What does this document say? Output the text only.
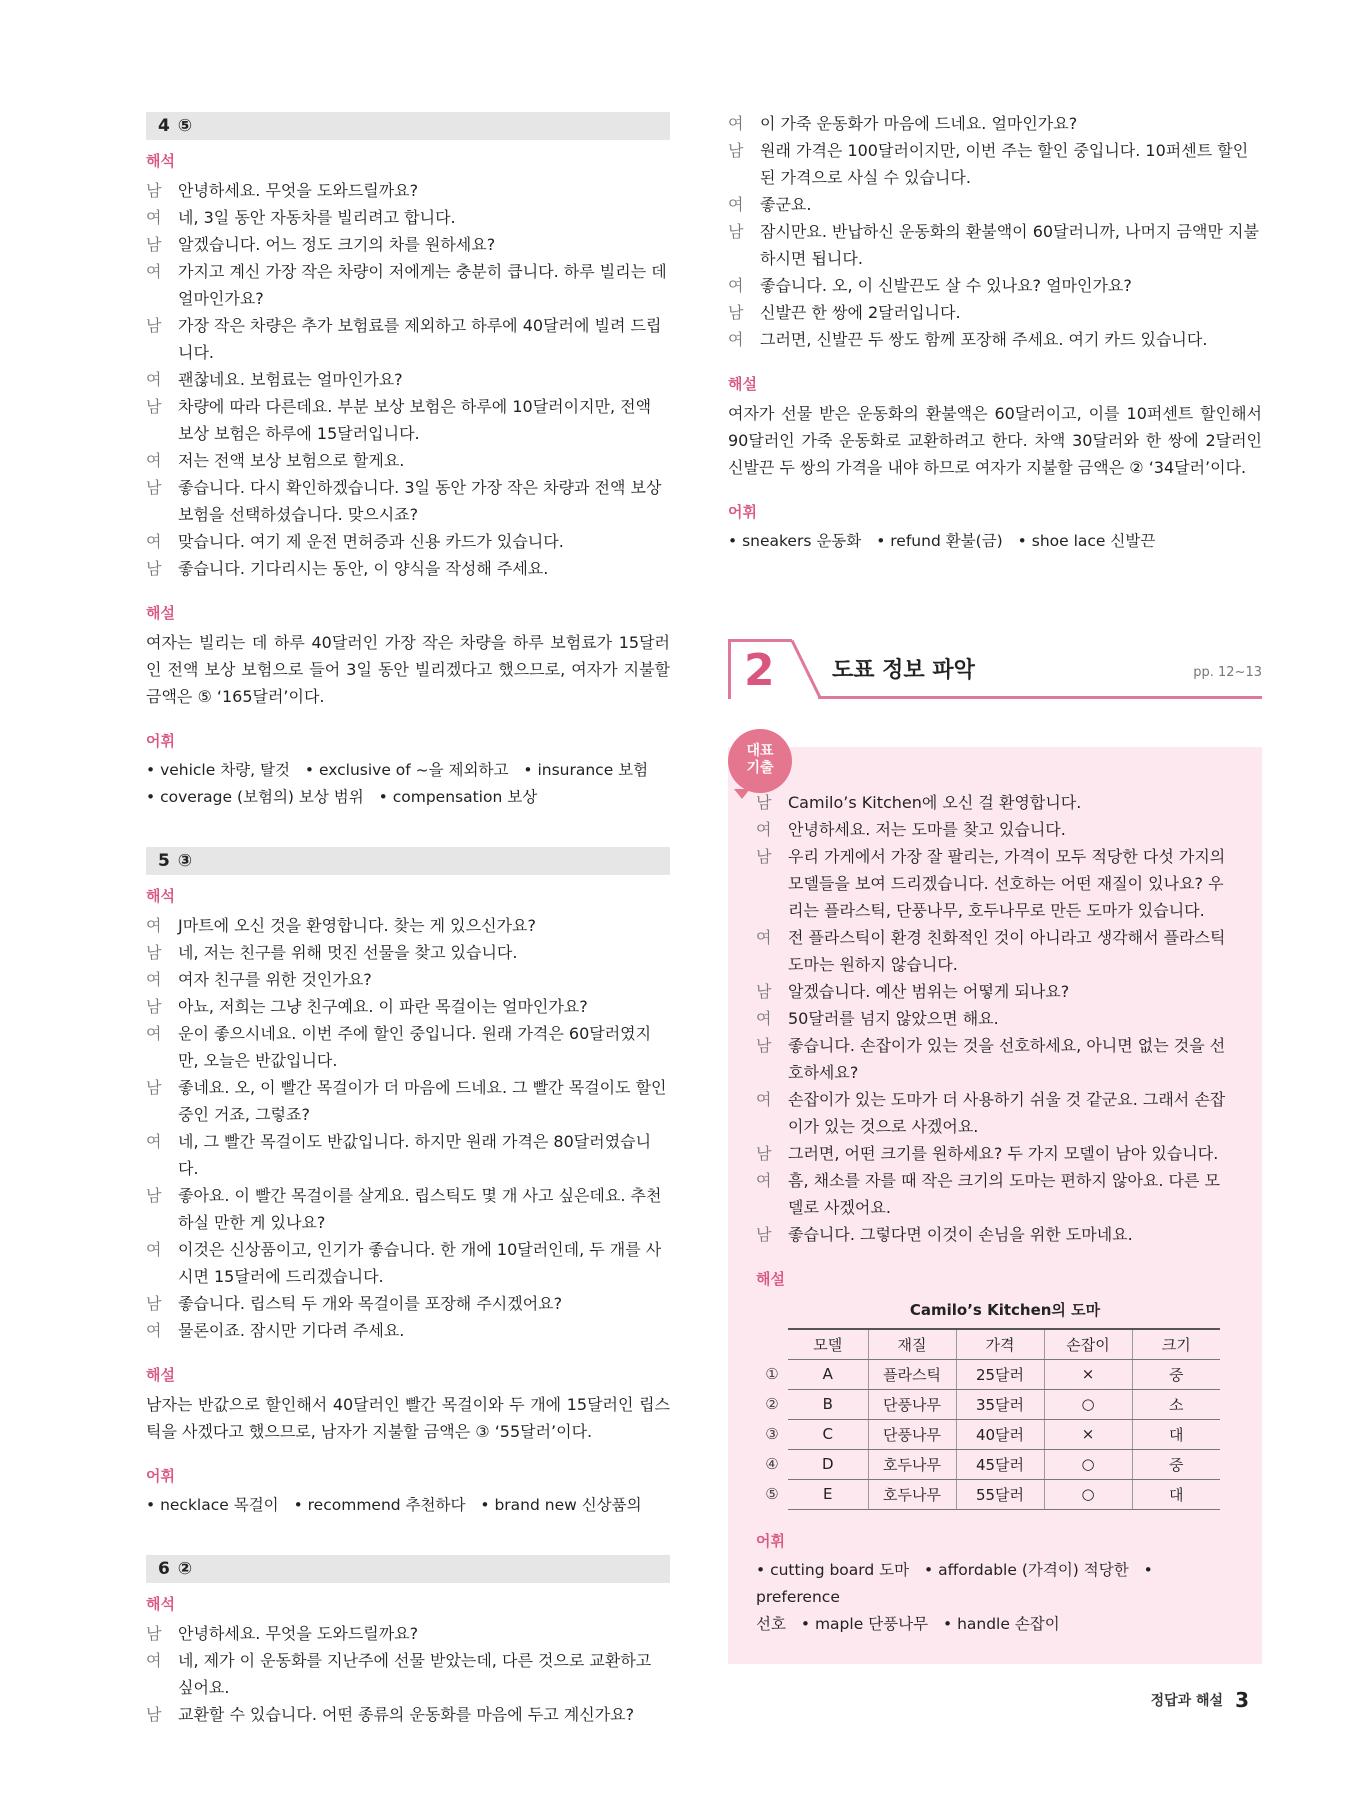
4 ⑤
해석
남 안녕하세요. 무엇을 도와드릴까요?
여 네, 3일 동안 자동차를 빌리려고 합니다.
남 알겠습니다. 어느 정도 크기의 차를 원하세요?
여 가지고 계신 가장 작은 차량이 저에게는 충분히 큽니다. 하루 빌리는 데 얼마인가요?
남 가장 작은 차량은 추가 보험료를 제외하고 하루에 40달러에 빌려 드립니다.
여 괜찮네요. 보험료는 얼마인가요?
남 차량에 따라 다른데요. 부분 보상 보험은 하루에 10달러이지만, 전액 보상 보험은 하루에 15달러입니다.
여 저는 전액 보상 보험으로 할게요.
남 좋습니다. 다시 확인하겠습니다. 3일 동안 가장 작은 차량과 전액 보상 보험을 선택하셨습니다. 맞으시죠?
여 맞습니다. 여기 제 운전 면허증과 신용 카드가 있습니다.
남 좋습니다. 기다리시는 동안, 이 양식을 작성해 주세요.
해설
여자는 빌리는 데 하루 40달러인 가장 작은 차량을 하루 보험료가 15달러인 전액 보상 보험으로 들어 3일 동안 빌리겠다고 했으므로, 여자가 지불할 금액은 ⑤ ‘165달러’이다.
어휘
• vehicle 차량, 탈것 • exclusive of ~을 제외하고 • insurance 보험
• coverage (보험의) 보상 범위 • compensation 보상
5 ③
해석
여 J마트에 오신 것을 환영합니다. 찾는 게 있으신가요?
남 네, 저는 친구를 위해 멋진 선물을 찾고 있습니다.
여 여자 친구를 위한 것인가요?
남 아뇨, 저희는 그냥 친구예요. 이 파란 목걸이는 얼마인가요?
여 운이 좋으시네요. 이번 주에 할인 중입니다. 원래 가격은 60달러였지만, 오늘은 반값입니다.
남 좋네요. 오, 이 빨간 목걸이가 더 마음에 드네요. 그 빨간 목걸이도 할인 중인 거죠, 그렇죠?
여 네, 그 빨간 목걸이도 반값입니다. 하지만 원래 가격은 80달러였습니다.
남 좋아요. 이 빨간 목걸이를 살게요. 립스틱도 몇 개 사고 싶은데요. 추천하실 만한 게 있나요?
여 이것은 신상품이고, 인기가 좋습니다. 한 개에 10달러인데, 두 개를 사시면 15달러에 드리겠습니다.
남 좋습니다. 립스틱 두 개와 목걸이를 포장해 주시겠어요?
여 물론이죠. 잠시만 기다려 주세요.
해설
남자는 반값으로 할인해서 40달러인 빨간 목걸이와 두 개에 15달러인 립스틱을 사겠다고 했으므로, 남자가 지불할 금액은 ③ ‘55달러’이다.
어휘
• necklace 목걸이 • recommend 추천하다 • brand new 신상품의
6 ②
해석
남 안녕하세요. 무엇을 도와드릴까요?
여 네, 제가 이 운동화를 지난주에 선물 받았는데, 다른 것으로 교환하고 싶어요.
남 교환할 수 있습니다. 어떤 종류의 운동화를 마음에 두고 계신가요?
여 이 가죽 운동화가 마음에 드네요. 얼마인가요?
남 원래 가격은 100달러이지만, 이번 주는 할인 중입니다. 10퍼센트 할인된 가격으로 사실 수 있습니다.
여 좋군요.
남 잠시만요. 반납하신 운동화의 환불액이 60달러니까, 나머지 금액만 지불하시면 됩니다.
여 좋습니다. 오, 이 신발끈도 살 수 있나요? 얼마인가요?
남 신발끈 한 쌍에 2달러입니다.
여 그러면, 신발끈 두 쌍도 함께 포장해 주세요. 여기 카드 있습니다.
해설
여자가 선물 받은 운동화의 환불액은 60달러이고, 이를 10퍼센트 할인해서 90달러인 가죽 운동화로 교환하려고 한다. 차액 30달러와 한 쌍에 2달러인 신발끈 두 쌍의 가격을 내야 하므로 여자가 지불할 금액은 ② ‘34달러’이다.
어휘
• sneakers 운동화 • refund 환불(금) • shoe lace 신발끈
2	도표 정보 파악	pp. 12~13
대표
기출
남 Camilo’s Kitchen에 오신 걸 환영합니다.
여 안녕하세요. 저는 도마를 찾고 있습니다.
남 우리 가게에서 가장 잘 팔리는, 가격이 모두 적당한 다섯 가지의 모델들을 보여 드리겠습니다. 선호하는 어떤 재질이 있나요? 우리는 플라스틱, 단풍나무, 호두나무로 만든 도마가 있습니다.
여 전 플라스틱이 환경 친화적인 것이 아니라고 생각해서 플라스틱 도마는 원하지 않습니다.
남 알겠습니다. 예산 범위는 어떻게 되나요?
여 50달러를 넘지 않았으면 해요.
남 좋습니다. 손잡이가 있는 것을 선호하세요, 아니면 없는 것을 선호하세요?
여 손잡이가 있는 도마가 더 사용하기 쉬울 것 같군요. 그래서 손잡이가 있는 것으로 사겠어요.
남 그러면, 어떤 크기를 원하세요? 두 가지 모델이 남아 있습니다.
여 흠, 채소를 자를 때 작은 크기의 도마는 편하지 않아요. 다른 모델로 사겠어요.
남 좋습니다. 그렇다면 이것이 손님을 위한 도마네요.
해설
Camilo’s Kitchen의 도마
	모델	재질	가격	손잡이	크기
①	A	플라스틱	25달러	×	중
②	B	단풍나무	35달러	○	소
③	C	단풍나무	40달러	×	대
④	D	호두나무	45달러	○	중
⑤	E	호두나무	55달러	○	대
어휘
• cutting board 도마 • affordable (가격이) 적당한 • preference
선호 • maple 단풍나무 • handle 손잡이
정답과 해설 3
